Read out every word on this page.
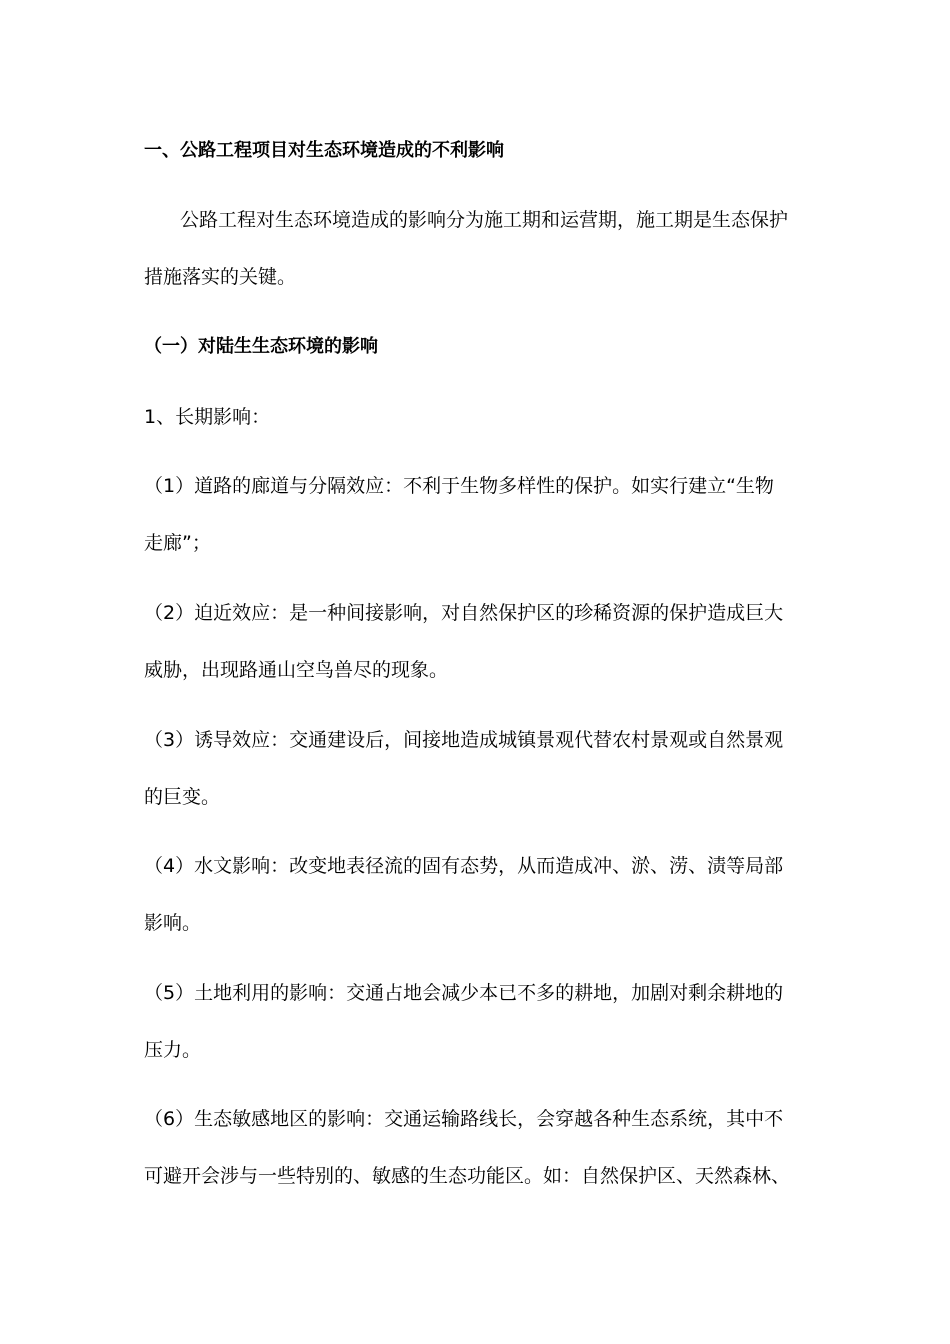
一、公路工程项目对生态环境造成的不利影响
公路工程对生态环境造成的影响分为施工期和运营期，施工期是生态保护
措施落实的关键。
（一）对陆生生态环境的影响
1、长期影响：
（1）道路的廊道与分隔效应：不利于生物多样性的保护。如实行建立“生物
走廊”；
（2）迫近效应：是一种间接影响，对自然保护区的珍稀资源的保护造成巨大
威胁，出现路通山空鸟兽尽的现象。
（3）诱导效应：交通建设后，间接地造成城镇景观代替农村景观或自然景观
的巨变。
（4）水文影响：改变地表径流的固有态势，从而造成冲、淤、涝、渍等局部
影响。
（5）土地利用的影响：交通占地会减少本已不多的耕地，加剧对剩余耕地的
压力。
（6）生态敏感地区的影响：交通运输路线长，会穿越各种生态系统，其中不
可避开会涉与一些特别的、敏感的生态功能区。如：自然保护区、天然森林、
